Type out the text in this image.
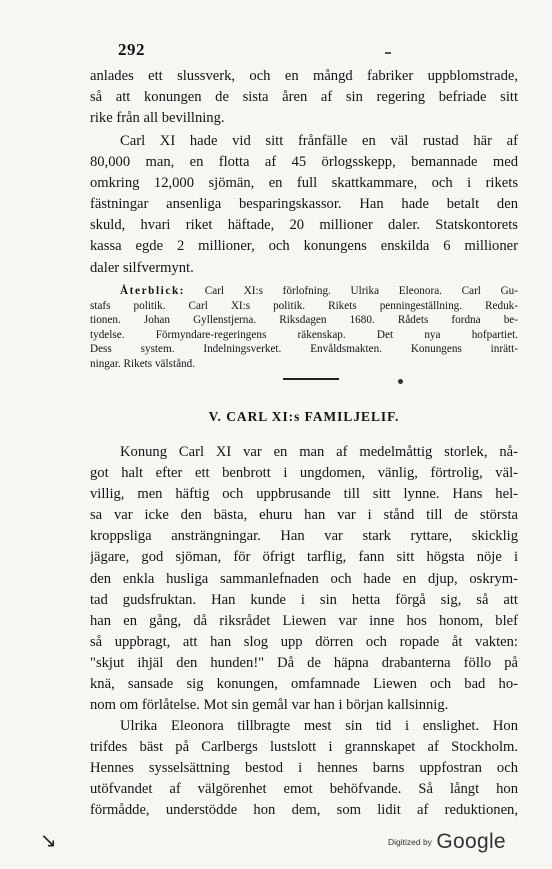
292
anlades ett slussverk, och en mångd fabriker uppblomstrade,
så att konungen de sista åren af sin regering befriade sitt
rike från all bevillning.
Carl XI hade vid sitt frånfälle en väl rustad här af
80,000 man, en flotta af 45 örlogsskepp, bemannade med
omkring 12,000 sjömän, en full skattkammare, och i rikets
fästningar ansenliga besparingskassor. Han hade betalt den
skuld, hvari riket häftade, 20 millioner daler. Statskontorets
kassa egde 2 millioner, och konungens enskilda 6 millioner
daler silfvermynt.
Återblick: Carl XI:s förlofning. Ulrika Eleonora. Carl Gu-
stafs politik. Carl XI:s politik. Rikets penningeställning. Reduk-
tionen. Johan Gyllenstjerna. Riksdagen 1680. Rådets fordna be-
tydelse. Förmyndare-regeringens räkenskap. Det nya hofpartiet.
Dess system. Indelningsverket. Envåldsmakten. Konungens inrätt-
ningar. Rikets välstånd.
V. CARL XI:s FAMILJELIF.
Konung Carl XI var en man af medelmåttig storlek, nå-
got halt efter ett benbrott i ungdomen, vänlig, förtrolig, väl-
villig, men häftig och uppbrusande till sitt lynne. Hans hel-
sa var icke den bästa, ehuru han var i stånd till de största
kroppsliga ansträngningar. Han var stark ryttare, skicklig
jägare, god sjöman, för öfrigt tarflig, fann sitt högsta nöje i
den enkla husliga sammanlefnaden och hade en djup, oskrym-
tad gudsfruktan. Han kunde i sin hetta förgå sig, så att
han en gång, då riksrådet Liewen var inne hos honom, blef
så uppbragt, att han slog upp dörren och ropade åt vakten:
"skjut ihjäl den hunden!" Då de häpna drabanterna föllo på
knä, sansade sig konungen, omfamnade Liewen och bad ho-
nom om förlåtelse. Mot sin gemål var han i början kallsinnig.
Ulrika Eleonora tillbragte mest sin tid i enslighet. Hon
trifdes bäst på Carlbergs lustslott i grannskapet af Stockholm.
Hennes sysselsättning bestod i hennes barns uppfostran och
utöfvandet af välgörenhet emot behöfvande. Så långt hon
förmådde, understödde hon dem, som lidit af reduktionen,
↘	Digitized by Google
